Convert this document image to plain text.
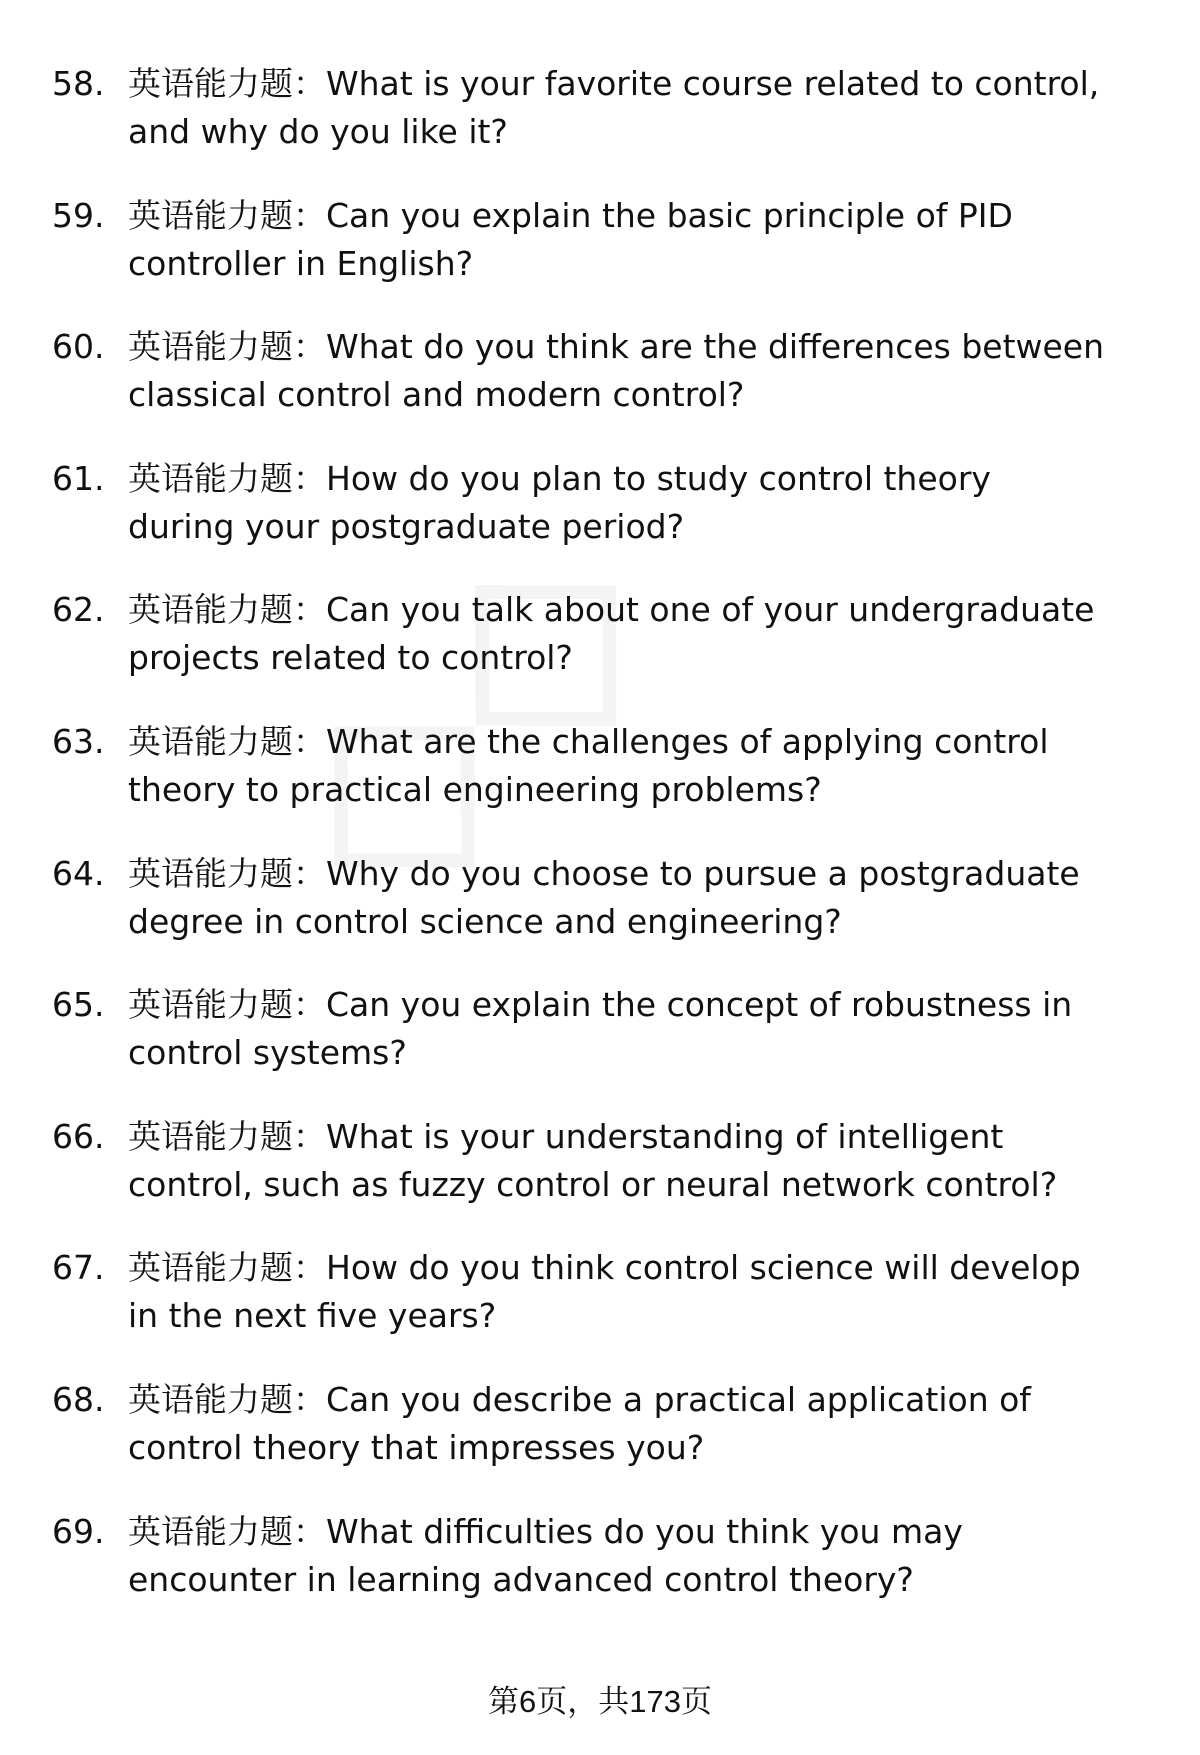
58. 英语能力题：What is your favorite course related to control,
and why do you like it?
59. 英语能力题：Can you explain the basic principle of PID
controller in English?
60. 英语能力题：What do you think are the differences between
classical control and modern control?
61. 英语能力题：How do you plan to study control theory
during your postgraduate period?
62. 英语能力题：Can you talk about one of your undergraduate
projects related to control?
63. 英语能力题：What are the challenges of applying control
theory to practical engineering problems?
64. 英语能力题：Why do you choose to pursue a postgraduate
degree in control science and engineering?
65. 英语能力题：Can you explain the concept of robustness in
control systems?
66. 英语能力题：What is your understanding of intelligent
control, such as fuzzy control or neural network control?
67. 英语能力题：How do you think control science will develop
in the next five years?
68. 英语能力题：Can you describe a practical application of
control theory that impresses you?
69. 英语能力题：What difficulties do you think you may
encounter in learning advanced control theory?
第6页，共173页
